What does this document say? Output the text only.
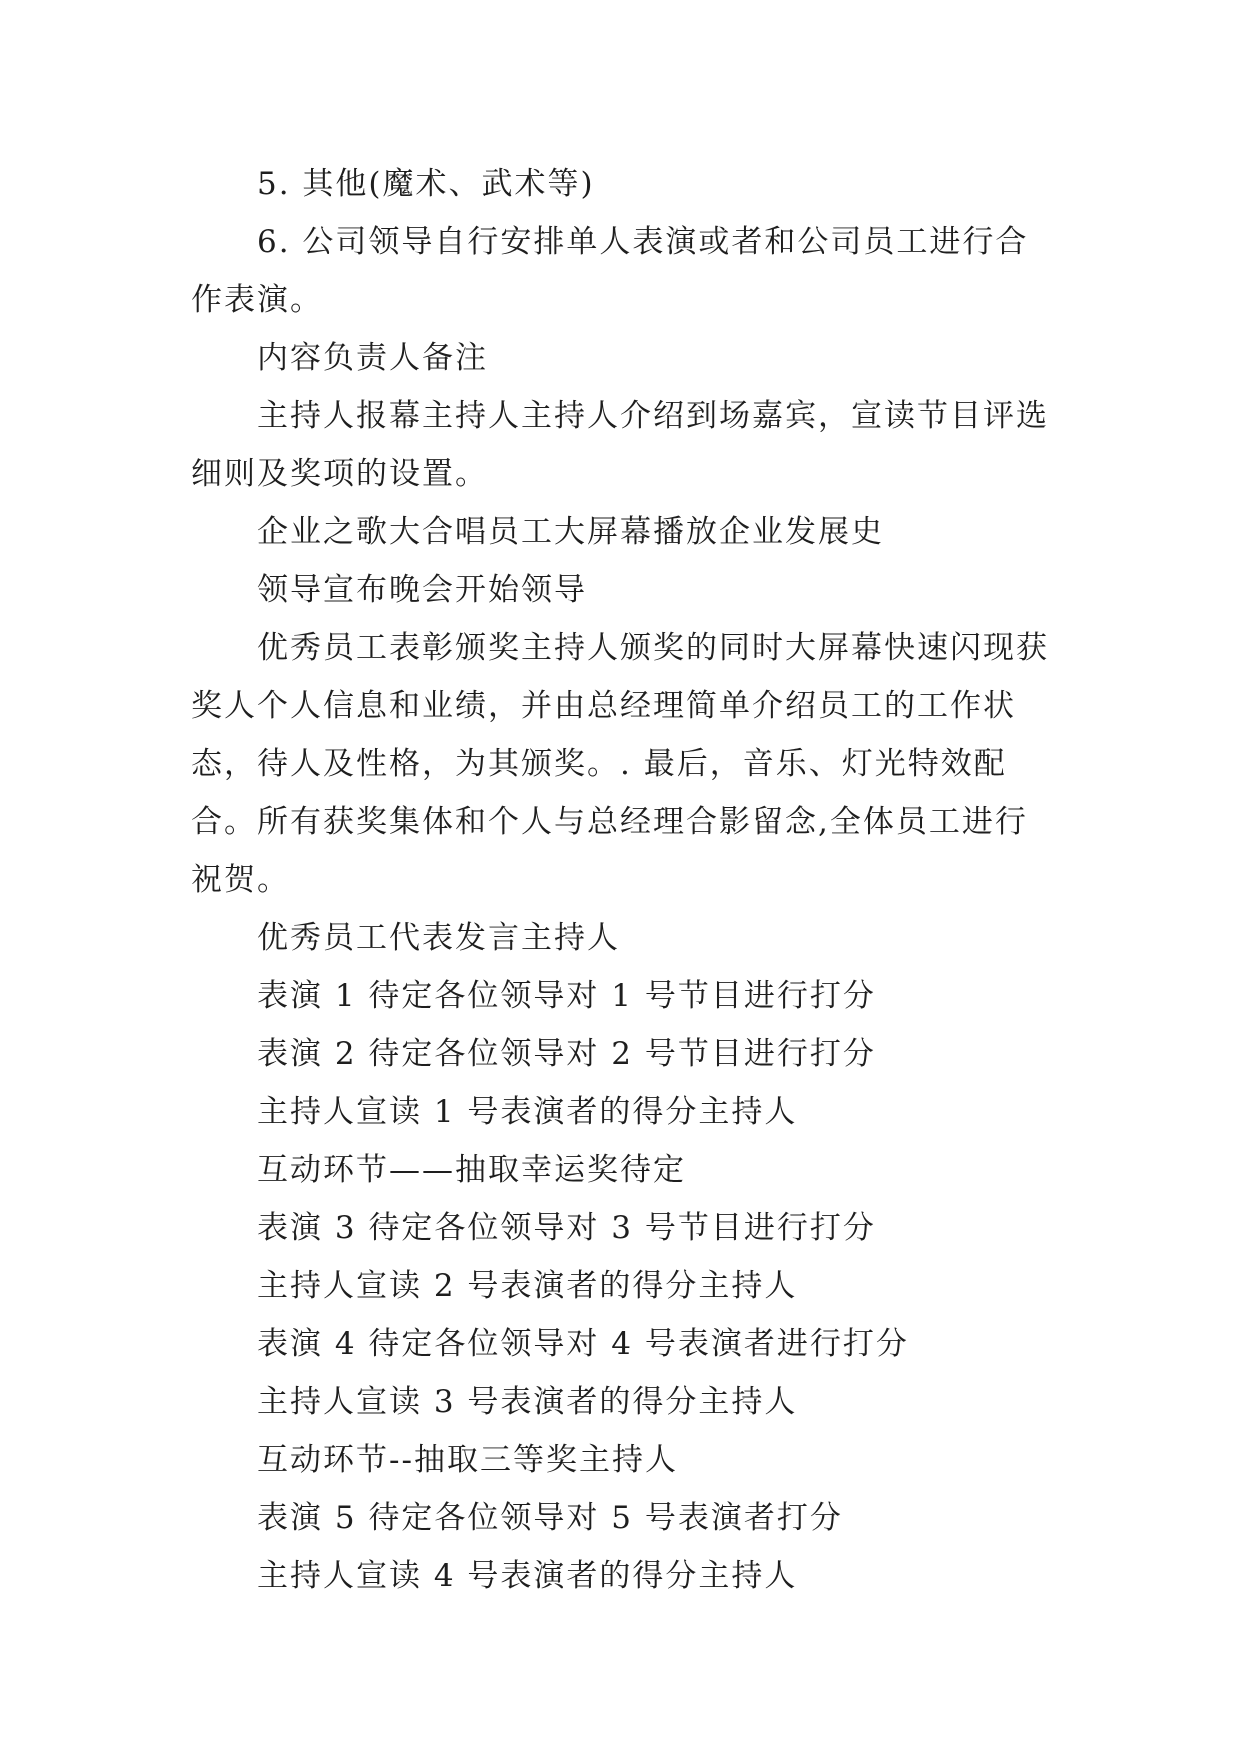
5. 其他(魔术、武术等)

6. 公司领导自行安排单人表演或者和公司员工进行合作表演。

内容负责人备注

主持人报幕主持人主持人介绍到场嘉宾，宣读节目评选细则及奖项的设置。

企业之歌大合唱员工大屏幕播放企业发展史

领导宣布晚会开始领导

优秀员工表彰颁奖主持人颁奖的同时大屏幕快速闪现获奖人个人信息和业绩，并由总经理简单介绍员工的工作状态，待人及性格，为其颁奖。. 最后，音乐、灯光特效配合。所有获奖集体和个人与总经理合影留念,全体员工进行祝贺。

优秀员工代表发言主持人

表演 1 待定各位领导对 1 号节目进行打分

表演 2 待定各位领导对 2 号节目进行打分

主持人宣读 1 号表演者的得分主持人

互动环节——抽取幸运奖待定

表演 3 待定各位领导对 3 号节目进行打分

主持人宣读 2 号表演者的得分主持人

表演 4 待定各位领导对 4 号表演者进行打分

主持人宣读 3 号表演者的得分主持人

互动环节--抽取三等奖主持人

表演 5 待定各位领导对 5 号表演者打分

主持人宣读 4 号表演者的得分主持人
